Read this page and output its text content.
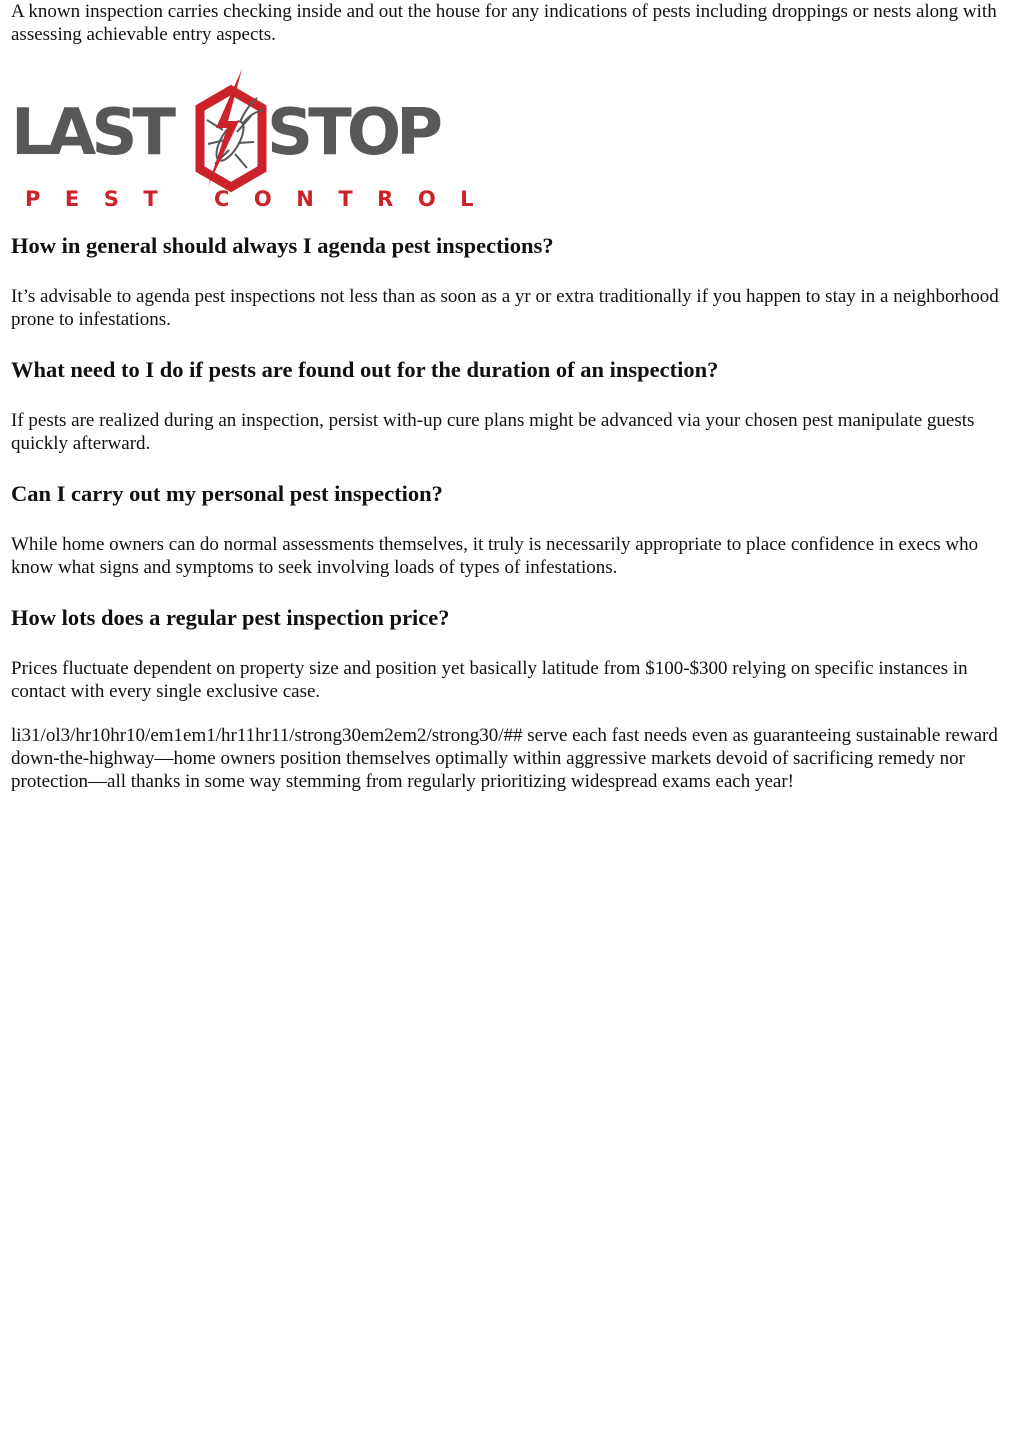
A known inspection carries checking inside and out the house for any indications of pests including droppings or nests along with assessing achievable entry aspects.

LAST STOP
PEST CONTROL
How in general should always I agenda pest inspections?

It’s advisable to agenda pest inspections not less than as soon as a yr or extra traditionally if you happen to stay in a neighborhood prone to infestations.

What need to I do if pests are found out for the duration of an inspection?

If pests are realized during an inspection, persist with-up cure plans might be advanced via your chosen pest manipulate guests quickly afterward.

Can I carry out my personal pest inspection?

While home owners can do normal assessments themselves, it truly is necessarily appropriate to place confidence in execs who know what signs and symptoms to seek involving loads of types of infestations.

How lots does a regular pest inspection price?

Prices fluctuate dependent on property size and position yet basically latitude from $100-$300 relying on specific instances in contact with every single exclusive case.

li31/ol3/hr10hr10/em1em1/hr11hr11/strong30em2em2/strong30/## serve each fast needs even as guaranteeing sustainable reward down-the-highway—home owners position themselves optimally within aggressive markets devoid of sacrificing remedy nor protection—all thanks in some way stemming from regularly prioritizing widespread exams each year!
